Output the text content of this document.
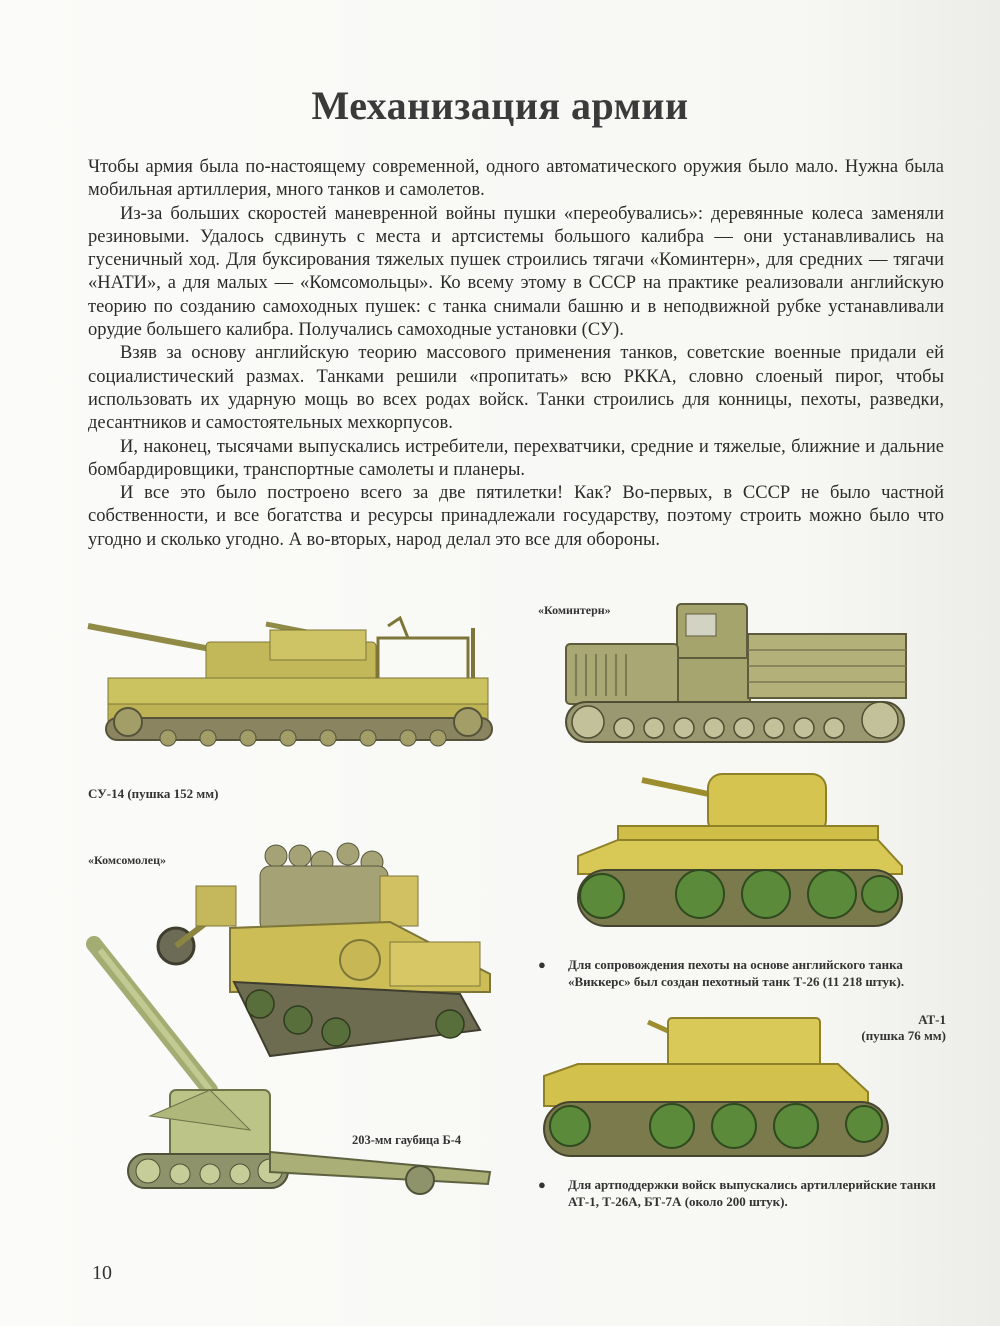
Механизация армии

Чтобы армия была по-настоящему современной, одного автоматического оружия было мало. Нужна была мобильная артиллерия, много танков и самолетов.

Из-за больших скоростей маневренной войны пушки «переобувались»: деревянные колеса заменяли резиновыми. Удалось сдвинуть с места и артсистемы большого калибра — они устанавливались на гусеничный ход. Для буксирования тяжелых пушек строились тягачи «Коминтерн», для средних — тягачи «НАТИ», а для малых — «Комсомольцы». Ко всему этому в СССР на практике реализовали английскую теорию по созданию самоходных пушек: с танка снимали башню и в неподвижной рубке устанавливали орудие большего калибра. Получались самоходные установки (СУ).

Взяв за основу английскую теорию массового применения танков, советские военные придали ей социалистический размах. Танками решили «пропитать» всю РККА, словно слоеный пирог, чтобы использовать их ударную мощь во всех родах войск. Танки строились для конницы, пехоты, разведки, десантников и самостоятельных мехкорпусов.

И, наконец, тысячами выпускались истребители, перехватчики, средние и тяжелые, ближние и дальние бомбардировщики, транспортные самолеты и планеры.

И все это было построено всего за две пятилетки! Как? Во-первых, в СССР не было частной собственности, и все богатства и ресурсы принадлежали государству, поэтому строить можно было что угодно и сколько угодно. А во-вторых, народ делал это все для обороны.

СУ-14 (пушка 152 мм)
«Коминтерн»
● Для сопровождения пехоты на основе английского танка «Виккерс» был создан пехотный танк Т-26 (11 218 штук).
АТ-1
(пушка 76 мм)
● Для артподдержки войск выпускались артиллерийские танки АТ-1, Т-26А, БТ-7А (около 200 штук).
«Комсомолец»
203-мм гаубица Б-4
10
